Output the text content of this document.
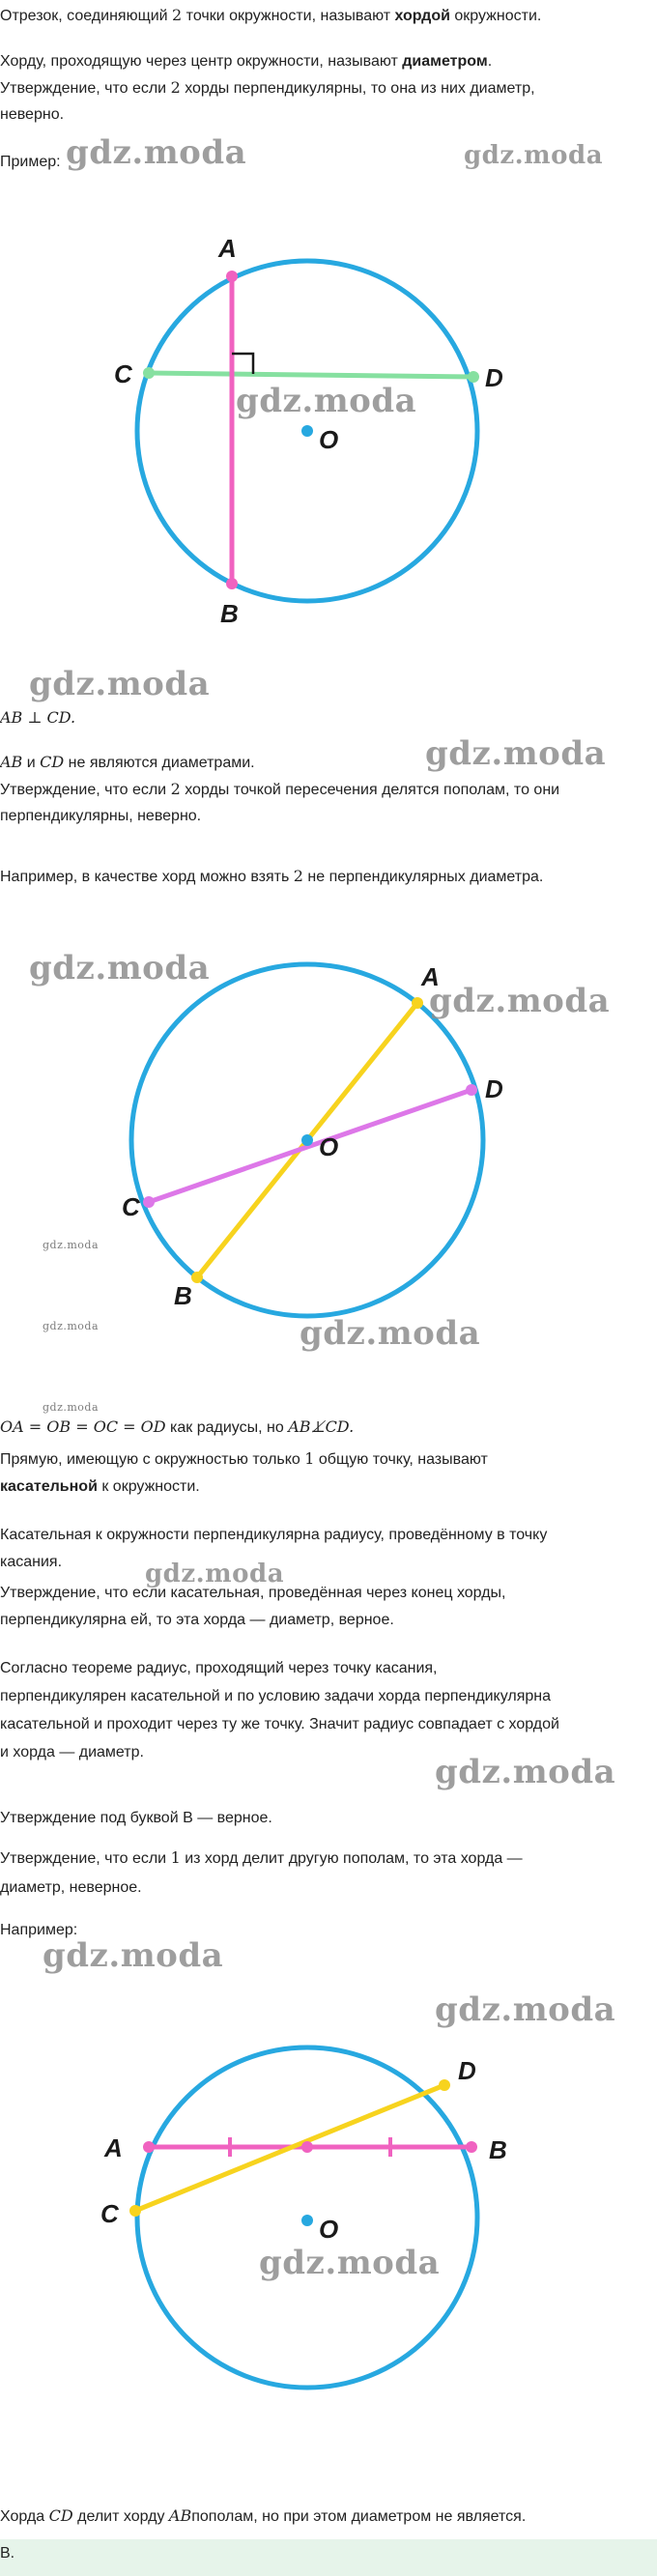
Отрезок, соединяющий 2 точки окружности, называют хордой окружности.

Хорду, проходящую через центр окружности, называют диаметром.
Утверждение, что если 2 хорды перпендикулярны, то она из них диаметр,
неверно.

Пример: gdz.moda	gdz.moda
A
B
C	D
O
gdz.moda
gdz.moda

AB ⊥ CD.

gdz.moda

AB и CD не являются диаметрами.
Утверждение, что если 2 хорды точкой пересечения делятся пополам, то они
перпендикулярны, неверно.

Например, в качестве хорд можно взять 2 не перпендикулярных диаметра.

A
B
C
D
O
gdz.moda
gdz.moda
gdz.moda
gdz.moda	gdz.moda
gdz.moda

OA = OB = OC = OD как радиусы, но AB⊥̸CD.

Прямую, имеющую с окружностью только 1 общую точку, называют
касательной к окружности.

Касательная к окружности перпендикулярна радиусу, проведённому в точку
касания.	gdz.moda

Утверждение, что если касательная, проведённая через конец хорды,
перпендикулярна ей, то эта хорда — диаметр, верное.

Согласно теореме радиус, проходящий через точку касания,
перпендикулярен касательной и по условию задачи хорда перпендикулярна
касательной и проходит через ту же точку. Значит радиус совпадает с хордой
и хорда — диаметр.

gdz.moda

Утверждение под буквой В — верное.

Утверждение, что если 1 из хорд делит другую пополам, то эта хорда —
диаметр, неверное.

Например:

gdz.moda
gdz.moda
A	B
C
D
O
gdz.moda

Хорда CD делит хорду ABпополам, но при этом диаметром не является.

В.
